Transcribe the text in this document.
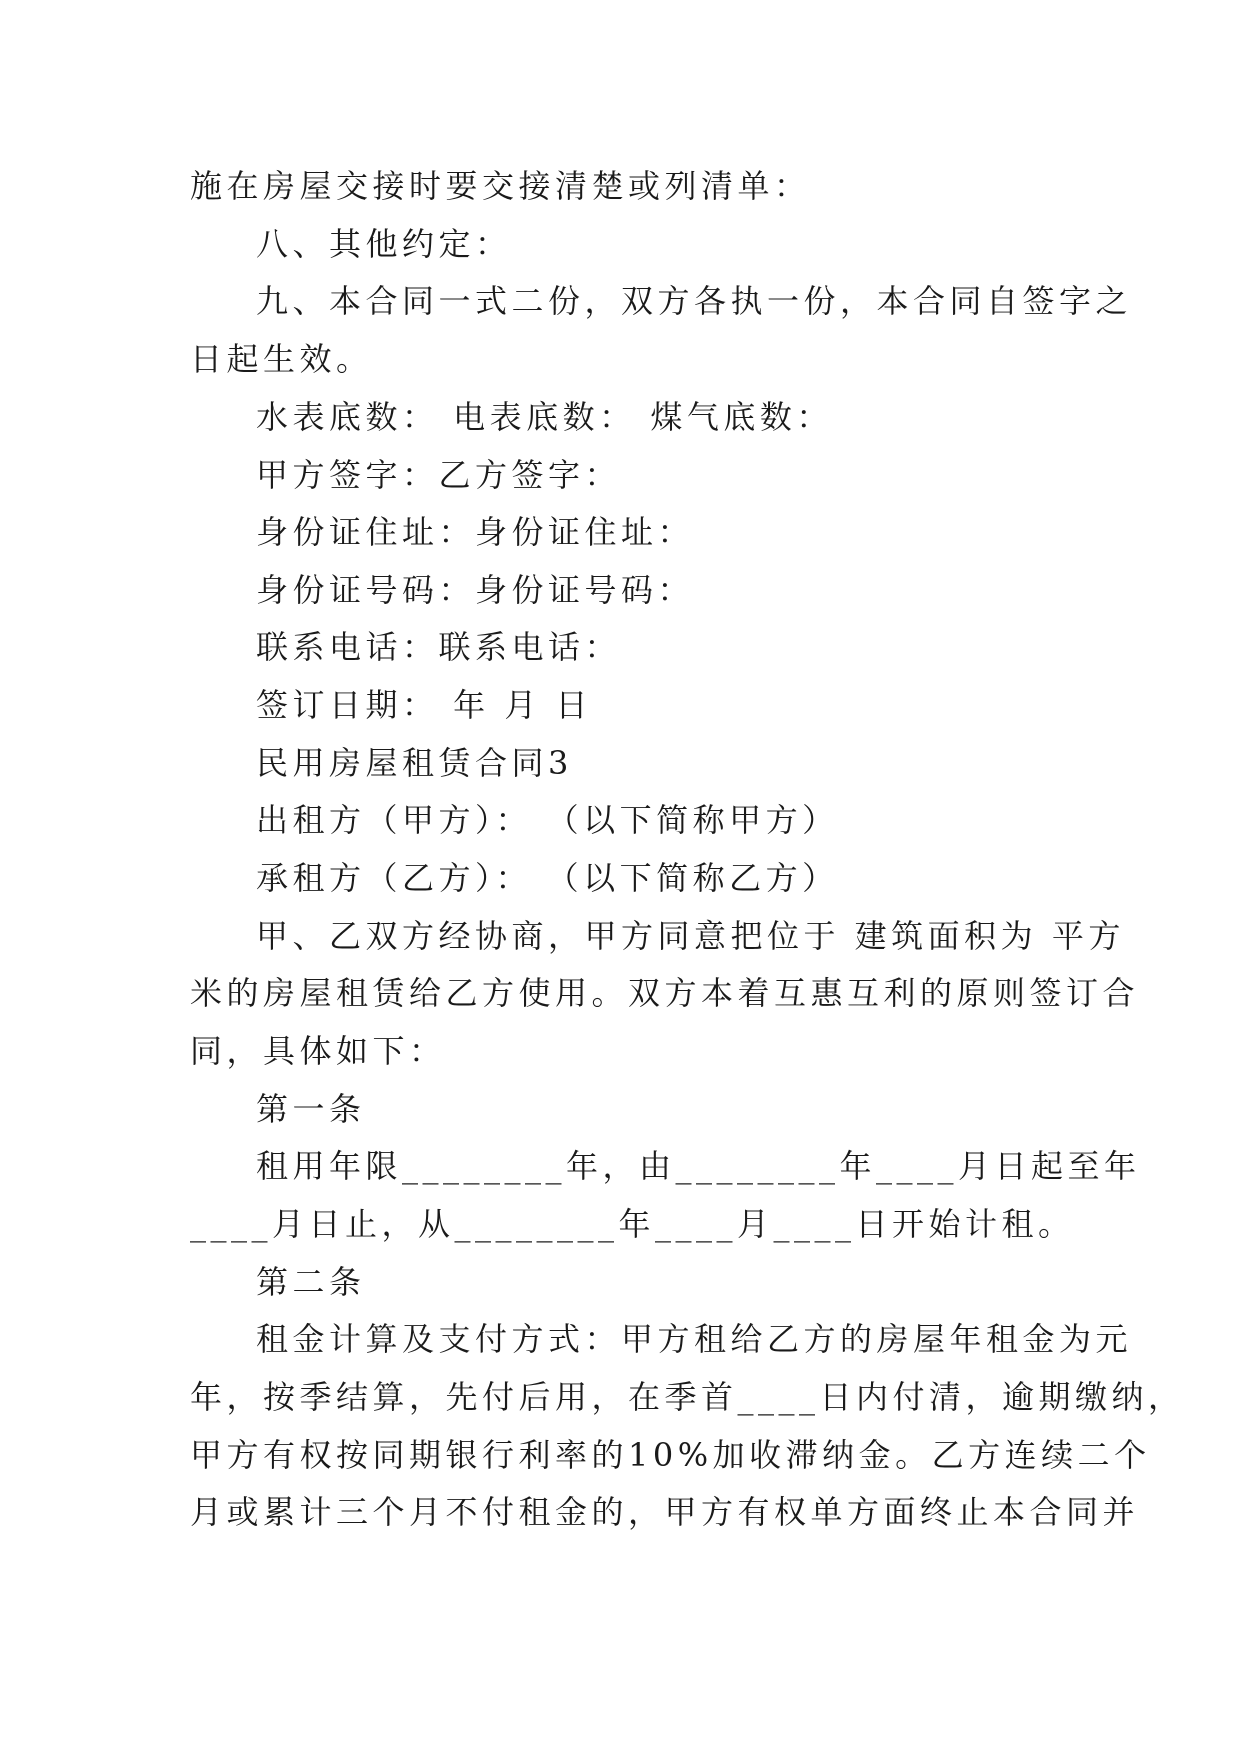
施在房屋交接时要交接清楚或列清单：
八、其他约定：
九、本合同一式二份，双方各执一份，本合同自签字之
日起生效。
水表底数： 电表底数： 煤气底数：
甲方签字：乙方签字：
身份证住址：身份证住址：
身份证号码：身份证号码：
联系电话：联系电话：
签订日期： 年 月 日
民用房屋租赁合同3
出租方（甲方）： （以下简称甲方）
承租方（乙方）： （以下简称乙方）
甲、乙双方经协商，甲方同意把位于 建筑面积为 平方
米的房屋租赁给乙方使用。双方本着互惠互利的原则签订合
同，具体如下：
第一条
租用年限________年，由________年____月日起至年
____月日止，从________年____月____日开始计租。
第二条
租金计算及支付方式：甲方租给乙方的房屋年租金为元
年，按季结算，先付后用，在季首____日内付清，逾期缴纳，
甲方有权按同期银行利率的10%加收滞纳金。乙方连续二个
月或累计三个月不付租金的，甲方有权单方面终止本合同并
